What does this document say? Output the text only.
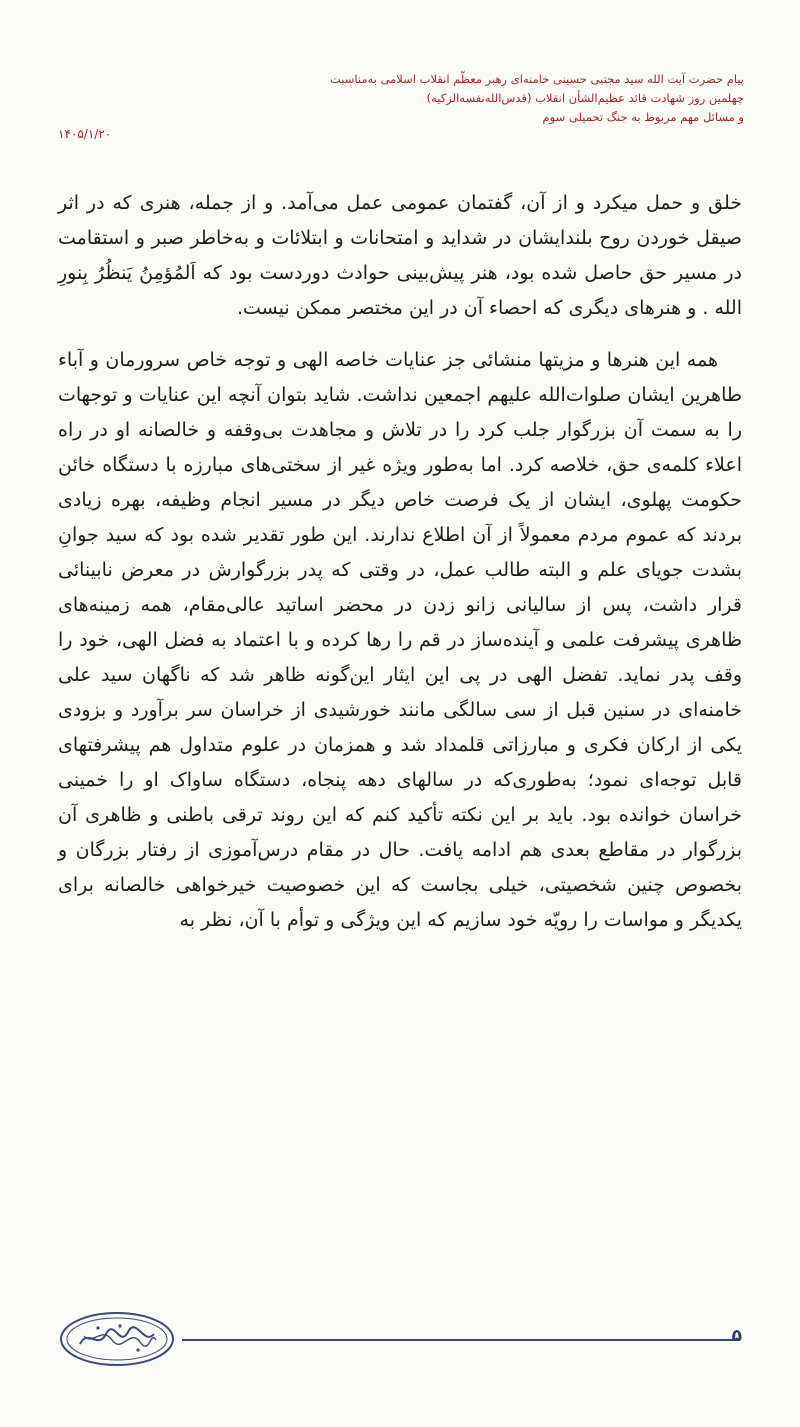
پیام حضرت آیت الله سید مجتبی حسینی خامنه‌ای رهبر معظّم انقلاب اسلامی به‌مناسبت
چهلمین روز شهادت قائد عظیم‌الشأن انقلاب (قدس‌الله‌نفسه‌الزکیه)
و مسائل مهم مربوط به جنگ تحمیلی سوم
۱۴۰۵/۱/۲۰

خلق و حمل میکرد و از آن، گفتمان عمومی عمل می‌آمد. و از جمله، هنری که در اثر صیقل خوردن روح بلندایشان در شداید و امتحانات و ابتلائات و به‌خاطر صبر و استقامت در مسیر حق حاصل شده بود، هنر پیش‌بینی حوادث دوردست بود که اَلمُؤمِنُ یَنظُرُ بِنورِ الله . و هنرهای دیگری که احصاء آن در این مختصر ممکن نیست.

همه این هنرها و مزیتها منشائی جز عنایات خاصه الهی و توجه خاص سرورمان و آباء طاهرین ایشان صلوات‌الله علیهم اجمعین نداشت. شاید بتوان آنچه این عنایات و توجهات را به سمت آن بزرگوار جلب کرد را در تلاش و مجاهدت بی‌وقفه و خالصانه او در راه اعلاء کلمه‌ی حق، خلاصه کرد. اما به‌طور ویژه غیر از سختی‌های مبارزه با دستگاه خائن حکومت پهلوی، ایشان از یک فرصت خاص دیگر در مسیر انجام وظیفه، بهره زیادی بردند که عموم مردم معمولاً از آن اطلاع ندارند. این طور تقدیر شده بود که سید جوانِ بشدت جویای علم و البته طالب عمل، در وقتی که پدر بزرگوارش در معرض نابینائی قرار داشت، پس از سالیانی زانو زدن در محضر اساتید عالی‌مقام، همه زمینه‌های ظاهری پیشرفت علمی و آینده‌ساز در قم را رها کرده و با اعتماد به فضل الهی، خود را وقف پدر نماید. تفضل الهی در پی این ایثار این‌گونه ظاهر شد که ناگهان سید علی خامنه‌ای در سنین قبل از سی سالگی مانند خورشیدی از خراسان سر برآورد و بزودی یکی از ارکان فکری و مبارزاتی قلمداد شد و همزمان در علوم متداول هم پیشرفتهای قابل توجه‌ای نمود؛ به‌طوری‌که در سالهای دهه پنجاه، دستگاه ساواک او را خمینی خراسان خوانده بود. باید بر این نکته تأکید کنم که این روند ترقی باطنی و ظاهری آن بزرگوار در مقاطع بعدی هم ادامه یافت. حال در مقام درس‌آموزی از رفتار بزرگان و بخصوص چنین شخصیتی، خیلی بجاست که این خصوصیت خیرخواهی خالصانه برای یکدیگر و مواسات را رویّه خود سازیم که این ویژگی و توأم با آن، نظر به

۵
